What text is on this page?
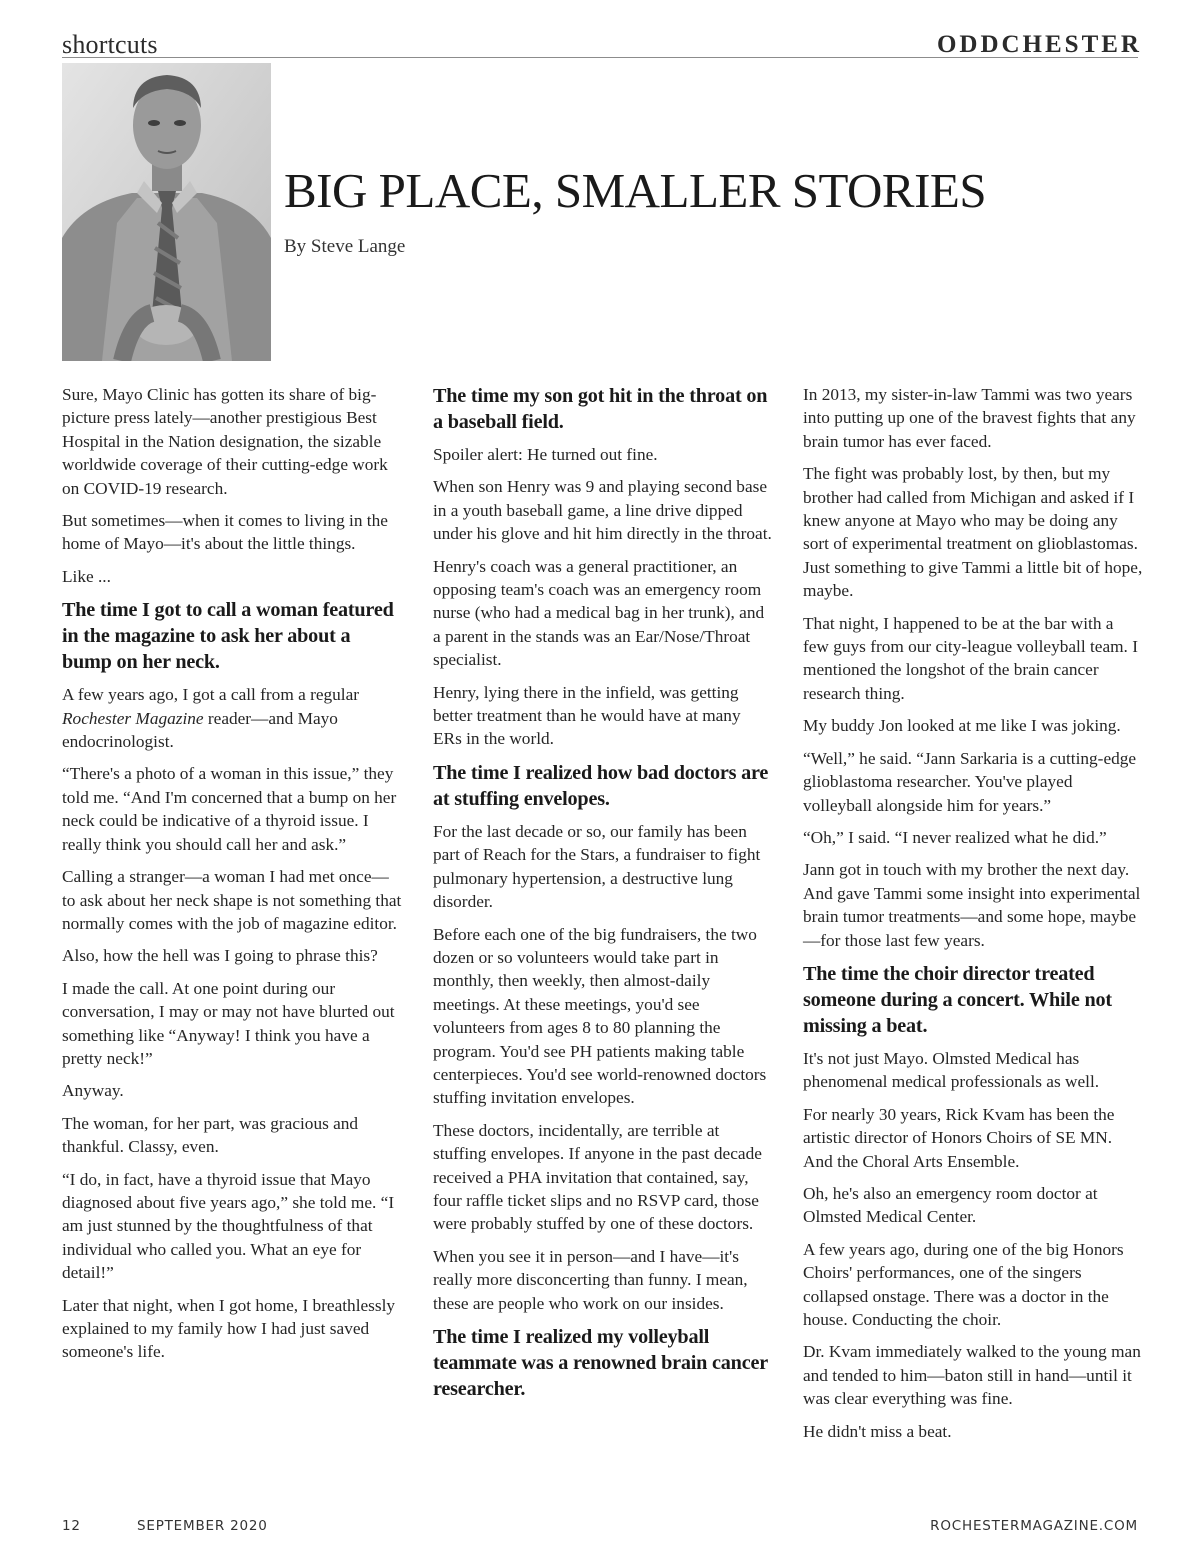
shortcuts	ODDCHESTER
BIG PLACE, SMALLER STORIES
By Steve Lange

Sure, Mayo Clinic has gotten its share of big-picture press lately—another prestigious Best Hospital in the Nation designation, the sizable worldwide coverage of their cutting-edge work on COVID-19 research.

But sometimes—when it comes to living in the home of Mayo—it's about the little things.

Like ...

The time I got to call a woman featured in the magazine to ask her about a bump on her neck.

A few years ago, I got a call from a regular Rochester Magazine reader—and Mayo endocrinologist.

“There's a photo of a woman in this issue,” they told me. “And I'm concerned that a bump on her neck could be indicative of a thyroid issue. I really think you should call her and ask.”

Calling a stranger—a woman I had met once—to ask about her neck shape is not something that normally comes with the job of magazine editor.

Also, how the hell was I going to phrase this?

I made the call. At one point during our conversation, I may or may not have blurted out something like “Anyway! I think you have a pretty neck!”

Anyway.

The woman, for her part, was gracious and thankful. Classy, even.

“I do, in fact, have a thyroid issue that Mayo diagnosed about five years ago,” she told me. “I am just stunned by the thoughtfulness of that individual who called you. What an eye for detail!”

Later that night, when I got home, I breathlessly explained to my family how I had just saved someone's life.

The time my son got hit in the throat on a baseball field.

Spoiler alert: He turned out fine.

When son Henry was 9 and playing second base in a youth baseball game, a line drive dipped under his glove and hit him directly in the throat.

Henry's coach was a general practitioner, an opposing team's coach was an emergency room nurse (who had a medical bag in her trunk), and a parent in the stands was an Ear/Nose/Throat specialist.

Henry, lying there in the infield, was getting better treatment than he would have at many ERs in the world.

The time I realized how bad doctors are at stuffing envelopes.

For the last decade or so, our family has been part of Reach for the Stars, a fundraiser to fight pulmonary hypertension, a destructive lung disorder.

Before each one of the big fundraisers, the two dozen or so volunteers would take part in monthly, then weekly, then almost-daily meetings. At these meetings, you'd see volunteers from ages 8 to 80 planning the program. You'd see PH patients making table centerpieces. You'd see world-renowned doctors stuffing invitation envelopes.

These doctors, incidentally, are terrible at stuffing envelopes. If anyone in the past decade received a PHA invitation that contained, say, four raffle ticket slips and no RSVP card, those were probably stuffed by one of these doctors.

When you see it in person—and I have—it's really more disconcerting than funny. I mean, these are people who work on our insides.

The time I realized my volleyball teammate was a renowned brain cancer researcher.

In 2013, my sister-in-law Tammi was two years into putting up one of the bravest fights that any brain tumor has ever faced.

The fight was probably lost, by then, but my brother had called from Michigan and asked if I knew anyone at Mayo who may be doing any sort of experimental treatment on glioblastomas. Just something to give Tammi a little bit of hope, maybe.

That night, I happened to be at the bar with a few guys from our city-league volleyball team. I mentioned the longshot of the brain cancer research thing.

My buddy Jon looked at me like I was joking.

“Well,” he said. “Jann Sarkaria is a cutting-edge glioblastoma researcher. You've played volleyball alongside him for years.”

“Oh,” I said. “I never realized what he did.”

Jann got in touch with my brother the next day. And gave Tammi some insight into experimental brain tumor treatments—and some hope, maybe—for those last few years.

The time the choir director treated someone during a concert. While not missing a beat.

It's not just Mayo. Olmsted Medical has phenomenal medical professionals as well.

For nearly 30 years, Rick Kvam has been the artistic director of Honors Choirs of SE MN. And the Choral Arts Ensemble.

Oh, he's also an emergency room doctor at Olmsted Medical Center.

A few years ago, during one of the big Honors Choirs' performances, one of the singers collapsed onstage. There was a doctor in the house. Conducting the choir.

Dr. Kvam immediately walked to the young man and tended to him—baton still in hand—until it was clear everything was fine.

He didn't miss a beat.

12	SEPTEMBER 2020	ROCHESTERMAGAZINE.COM
